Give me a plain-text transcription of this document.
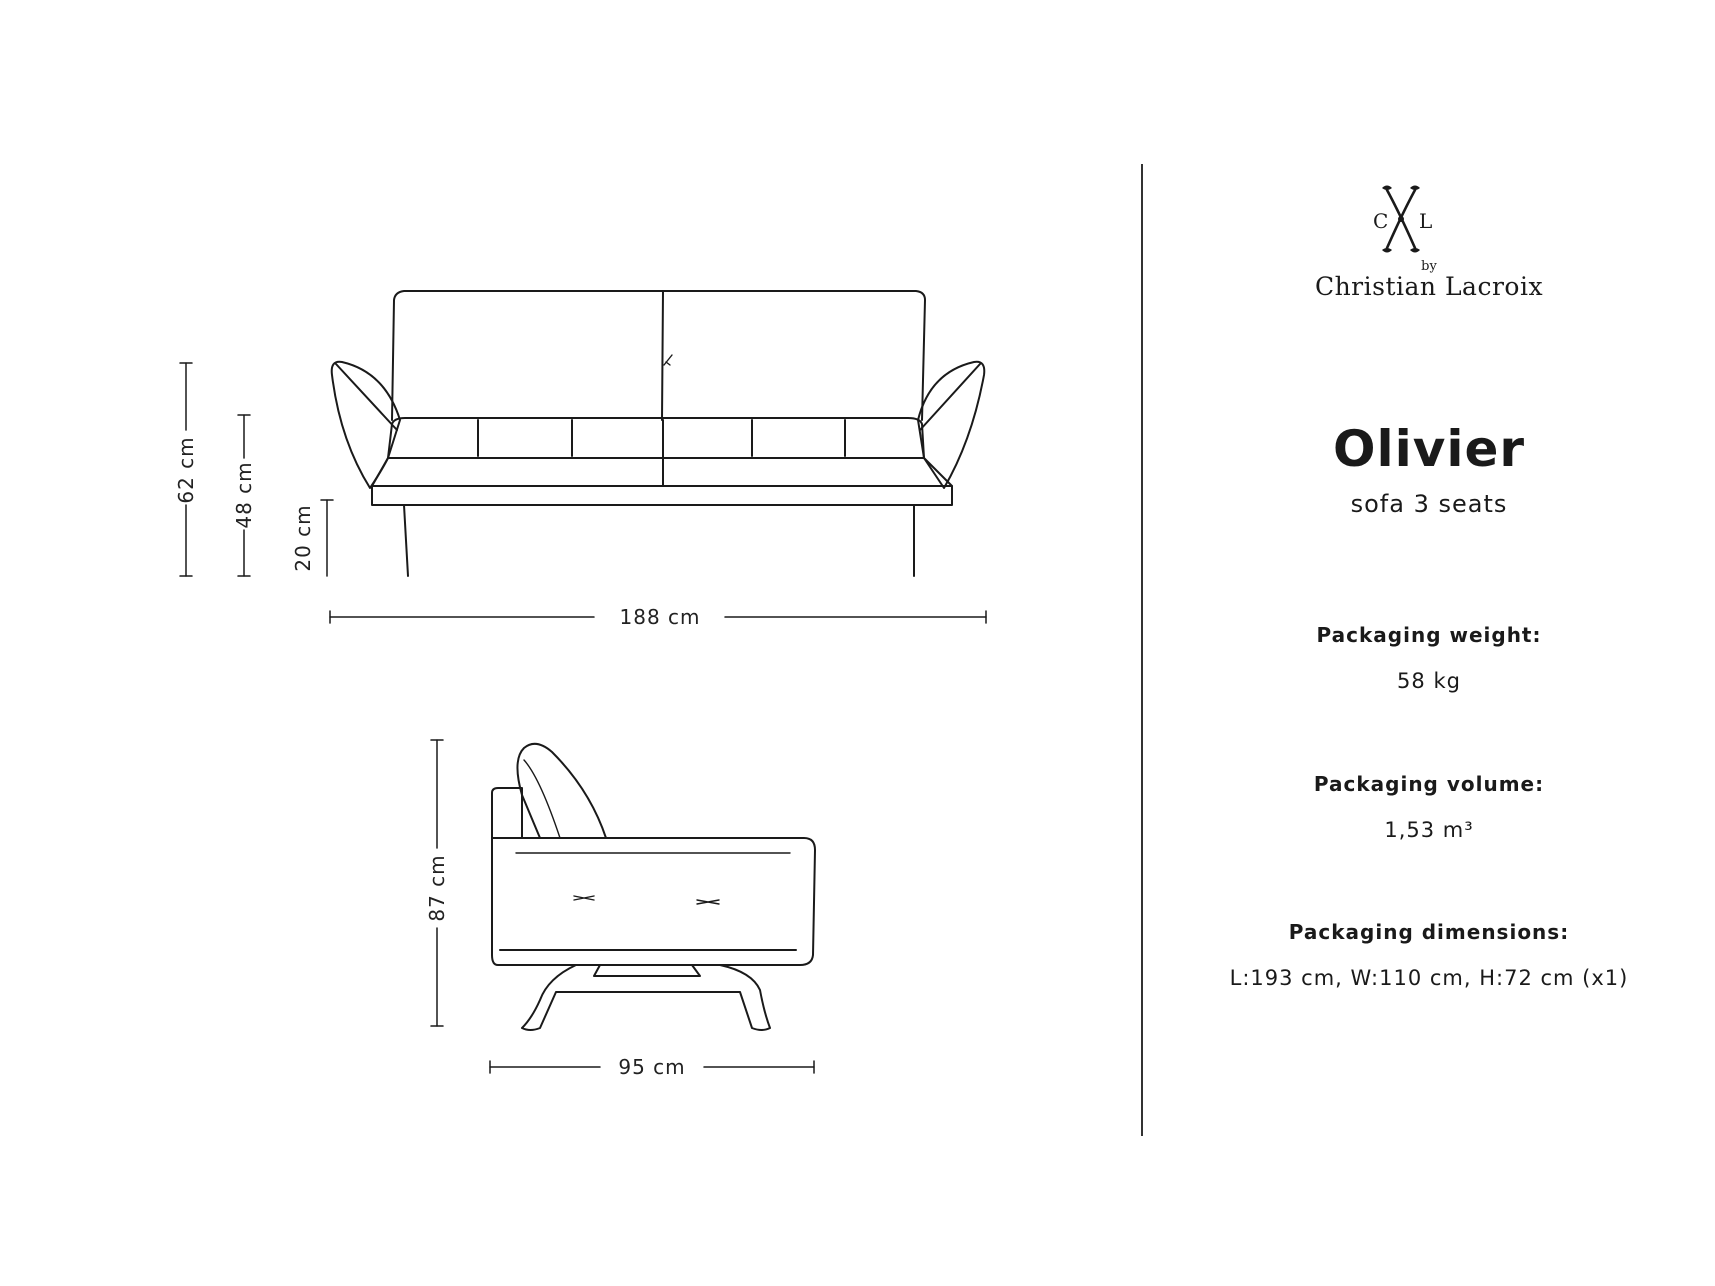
62 cm 48 cm
20 cm
188 cm
87 cm
95 cm
C L
by
Christian Lacroix
Olivier
sofa 3 seats
Packaging weight:
58 kg
Packaging volume:
1,53 m³
Packaging dimensions:
L:193 cm, W:110 cm, H:72 cm (x1)
